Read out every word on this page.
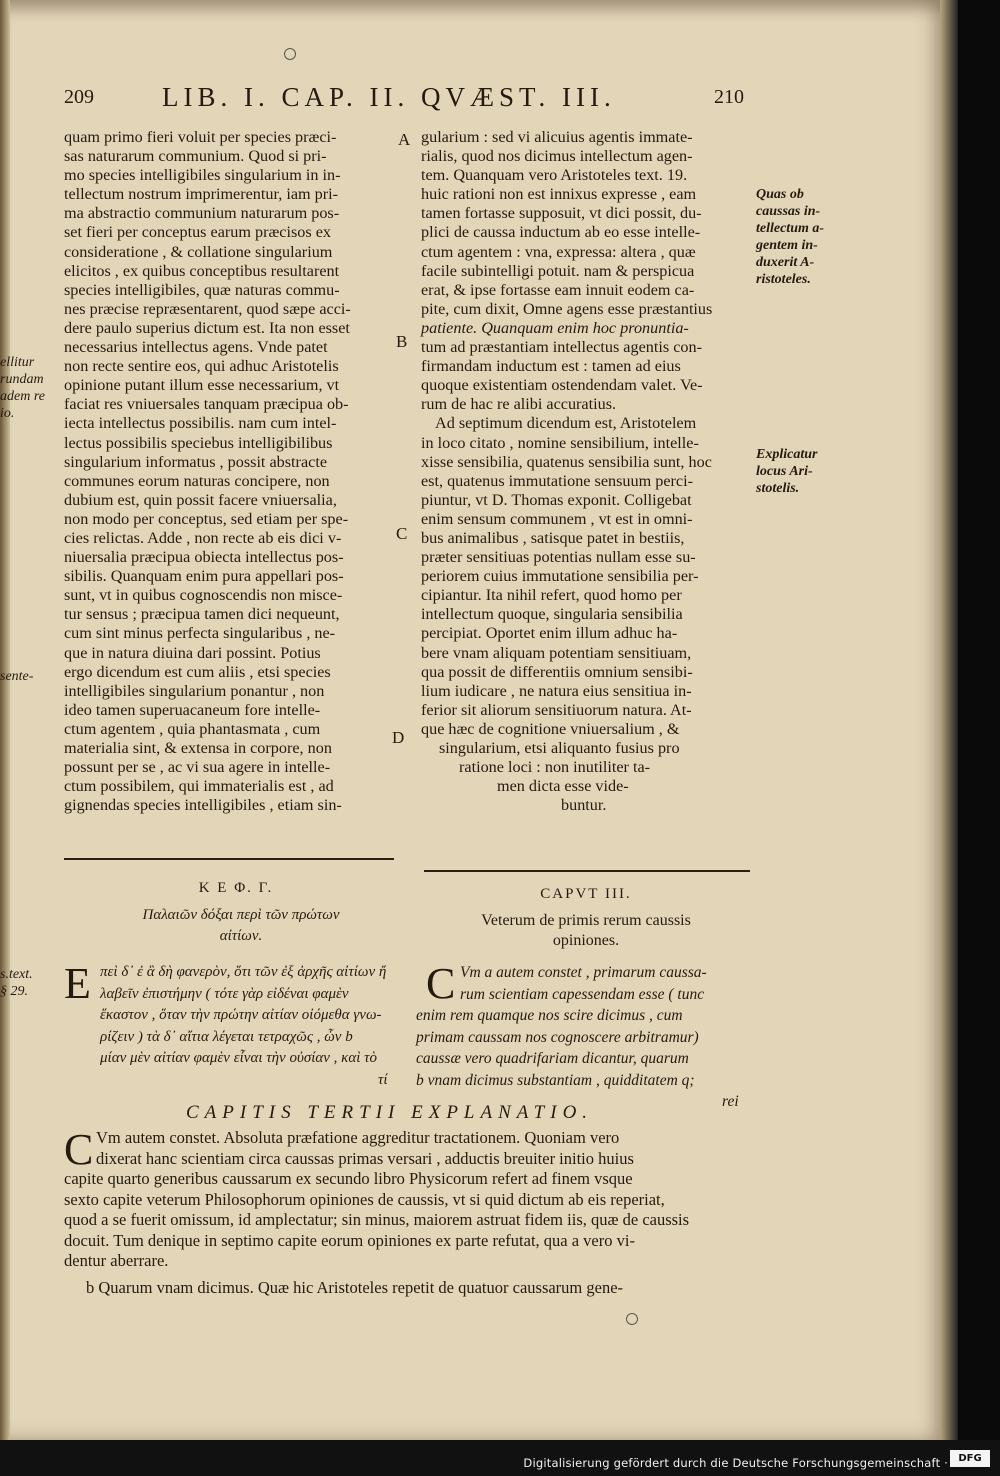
209	LIB. I. CAP. II. QVÆST. III.	210
quam primo fieri voluit per species præci-
sas naturarum communium. Quod si pri-
mo species intelligibiles singularium in in-
tellectum nostrum imprimerentur, iam pri-
ma abstractio communium naturarum pos-
set fieri per conceptus earum præcisos ex
consideratione , & collatione singularium
elicitos , ex quibus conceptibus resultarent
species intelligibiles, quæ naturas commu-
nes præcise repræsentarent, quod sæpe acci-
dere paulo superius dictum est. Ita non esset
necessarius intellectus agens. Vnde patet
non recte sentire eos, qui adhuc Aristotelis
opinione putant illum esse necessarium, vt
faciat res vniuersales tanquam præcipua ob-
iecta intellectus possibilis. nam cum intel-
lectus possibilis speciebus intelligibilibus
singularium informatus , possit abstracte
communes eorum naturas concipere, non
dubium est, quin possit facere vniuersalia,
non modo per conceptus, sed etiam per spe-
cies relictas. Adde , non recte ab eis dici v-
niuersalia præcipua obiecta intellectus pos-
sibilis. Quanquam enim pura appellari pos-
sunt, vt in quibus cognoscendis non misce-
tur sensus ; præcipua tamen dici nequeunt,
cum sint minus perfecta singularibus , ne-
que in natura diuina dari possint. Potius
ergo dicendum est cum aliis , etsi species
intelligibiles singularium ponantur , non
ideo tamen superuacaneum fore intelle-
ctum agentem , quia phantasmata , cum
materialia sint, & extensa in corpore, non
possunt per se , ac vi sua agere in intelle-
ctum possibilem, qui immaterialis est , ad
gignendas species intelligibiles , etiam sin-
A
B
C
D
gularium : sed vi alicuius agentis immate-
rialis, quod nos dicimus intellectum agen-
tem. Quanquam vero Aristoteles text. 19.
huic rationi non est innixus expresse , eam
tamen fortasse supposuit, vt dici possit, du-
plici de caussa inductum ab eo esse intelle-
ctum agentem : vna, expressa: altera , quæ
facile subintelligi potuit. nam & perspicua
erat, & ipse fortasse eam innuit eodem ca-
pite, cum dixit, Omne agens esse præstantius
patiente. Quanquam enim hoc pronuntia-
tum ad præstantiam intellectus agentis con-
firmandam inductum est : tamen ad eius
quoque existentiam ostendendam valet. Ve-
rum de hac re alibi accuratius.
Ad septimum dicendum est, Aristotelem
in loco citato , nomine sensibilium, intelle-
xisse sensibilia, quatenus sensibilia sunt, hoc
est, quatenus immutatione sensuum perci-
piuntur, vt D. Thomas exponit. Colligebat
enim sensum communem , vt est in omni-
bus animalibus , satisque patet in bestiis,
præter sensitiuas potentias nullam esse su-
periorem cuius immutatione sensibilia per-
cipiantur. Ita nihil refert, quod homo per
intellectum quoque, singularia sensibilia
percipiat. Oportet enim illum adhuc ha-
bere vnam aliquam potentiam sensitiuam,
qua possit de differentiis omnium sensibi-
lium iudicare , ne natura eius sensitiua in-
ferior sit aliorum sensitiuorum natura. At-
que hæc de cognitione vniuersalium , &
singularium, etsi aliquanto fusius pro
ratione loci : non inutiliter ta-
men dicta esse vide-
buntur.
ellitur
rundam
adem re
io.
sente-
s.text.
§ 29.
Quas ob
caussas in-
tellectum a-
gentem in-
duxerit A-
ristoteles.
Explicatur
locus Ari-
stotelis.
Κ Ε Φ. Γ.
Παλαιῶν δόξαι περὶ τῶν πρώτων
αἰτίων.
Ε πεὶ δ᾽ ἐ ἃ δὴ φανερὸν, ὅτι τῶν ἐξ ἀρχῆς αἰτίων ἤ
λαβεῖν ἐπιστήμην ( τότε γὰρ εἰδέναι φαμὲν
ἕκαστον , ὅταν τὴν πρώτην αἰτίαν οἰόμεθα γνω-
ρίζειν ) τὰ δ᾽ αἴτια λέγεται τετραχῶς , ὧν b
μίαν μὲν αἰτίαν φαμὲν εἶναι τὴν οὐσίαν , καὶ τὸ
τί
CAPVT III.
Veterum de primis rerum caussis
opiniones.
C Vm a autem constet , primarum caussa-
rum scientiam capessendam esse ( tunc
enim rem quamque nos scire dicimus , cum
primam caussam nos cognoscere arbitramur)
caussæ vero quadrifariam dicantur, quarum
b vnam dicimus substantiam , quidditatem q;
rei
CAPITIS TERTII EXPLANATIO.
C Vm autem constet. Absoluta præfatione aggreditur tractationem. Quoniam vero
dixerat hanc scientiam circa caussas primas versari , adductis breuiter initio huius
capite quarto generibus caussarum ex secundo libro Physicorum refert ad finem vsque
sexto capite veterum Philosophorum opiniones de caussis, vt si quid dictum ab eis reperiat,
quod a se fuerit omissum, id amplectatur; sin minus, maiorem astruat fidem iis, quæ de caussis
docuit. Tum denique in septimo capite eorum opiniones ex parte refutat, qua a vero vi-
dentur aberrare.
b Quarum vnam dicimus. Quæ hic Aristoteles repetit de quatuor caussarum gene-
Digitalisierung gefördert durch die Deutsche Forschungsgemeinschaft ·	DFG
